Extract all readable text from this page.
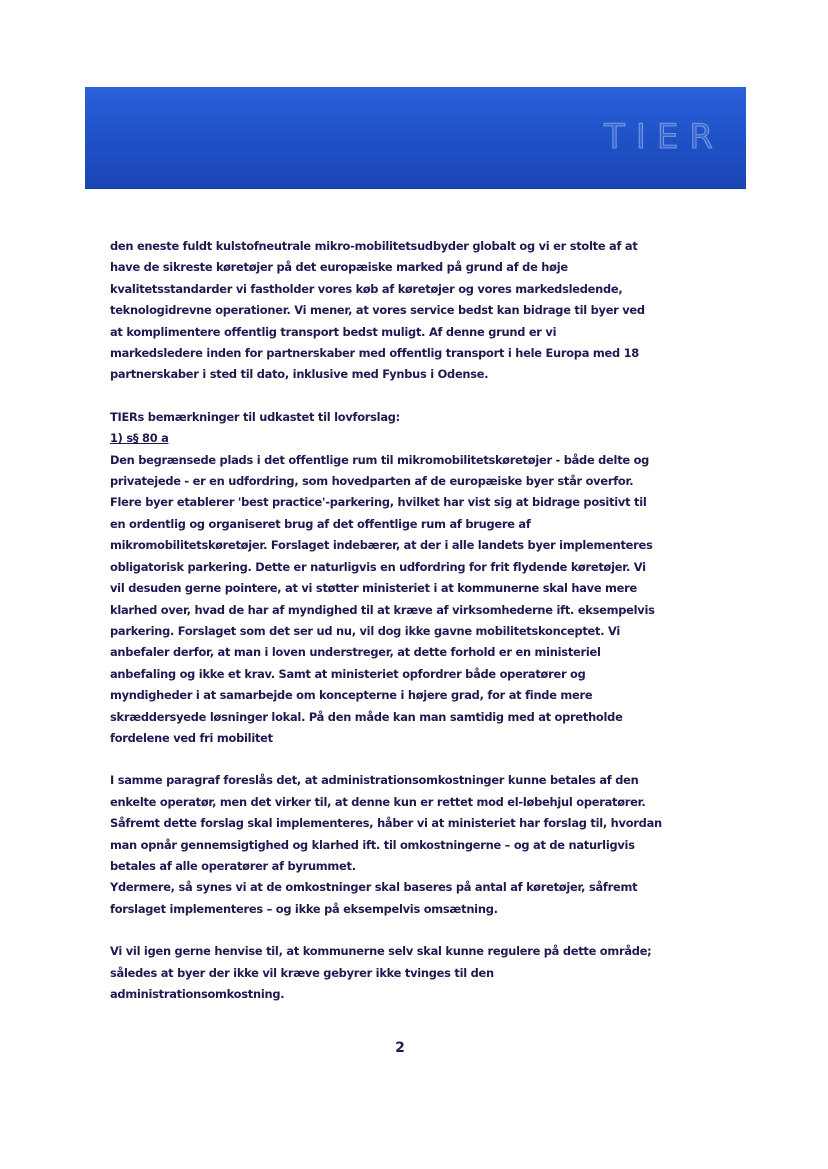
TIER

den eneste fuldt kulstofneutrale mikro-mobilitetsudbyder globalt og vi er stolte af at
have de sikreste køretøjer på det europæiske marked på grund af de høje
kvalitetsstandarder vi fastholder vores køb af køretøjer og vores markedsledende,
teknologidrevne operationer. Vi mener, at vores service bedst kan bidrage til byer ved
at komplimentere offentlig transport bedst muligt. Af denne grund er vi
markedsledere inden for partnerskaber med offentlig transport i hele Europa med 18
partnerskaber i sted til dato, inklusive med Fynbus i Odense.

TIERs bemærkninger til udkastet til lovforslag:

1) s§ 80 a

Den begrænsede plads i det offentlige rum til mikromobilitetskøretøjer - både delte og
privatejede - er en udfordring, som hovedparten af de europæiske byer står overfor.
Flere byer etablerer 'best practice'-parkering, hvilket har vist sig at bidrage positivt til
en ordentlig og organiseret brug af det offentlige rum af brugere af
mikromobilitetskøretøjer. Forslaget indebærer, at der i alle landets byer implementeres
obligatorisk parkering. Dette er naturligvis en udfordring for frit flydende køretøjer. Vi
vil desuden gerne pointere, at vi støtter ministeriet i at kommunerne skal have mere
klarhed over, hvad de har af myndighed til at kræve af virksomhederne ift. eksempelvis
parkering. Forslaget som det ser ud nu, vil dog ikke gavne mobilitetskonceptet. Vi
anbefaler derfor, at man i loven understreger, at dette forhold er en ministeriel
anbefaling og ikke et krav. Samt at ministeriet opfordrer både operatører og
myndigheder i at samarbejde om koncepterne i højere grad, for at finde mere
skræddersyede løsninger lokal. På den måde kan man samtidig med at opretholde
fordelene ved fri mobilitet

I samme paragraf foreslås det, at administrationsomkostninger kunne betales af den
enkelte operatør, men det virker til, at denne kun er rettet mod el-løbehjul operatører.
Såfremt dette forslag skal implementeres, håber vi at ministeriet har forslag til, hvordan
man opnår gennemsigtighed og klarhed ift. til omkostningerne – og at de naturligvis
betales af alle operatører af byrummet.

Ydermere, så synes vi at de omkostninger skal baseres på antal af køretøjer, såfremt
forslaget implementeres – og ikke på eksempelvis omsætning.

Vi vil igen gerne henvise til, at kommunerne selv skal kunne regulere på dette område;
således at byer der ikke vil kræve gebyrer ikke tvinges til den
administrationsomkostning.

2
